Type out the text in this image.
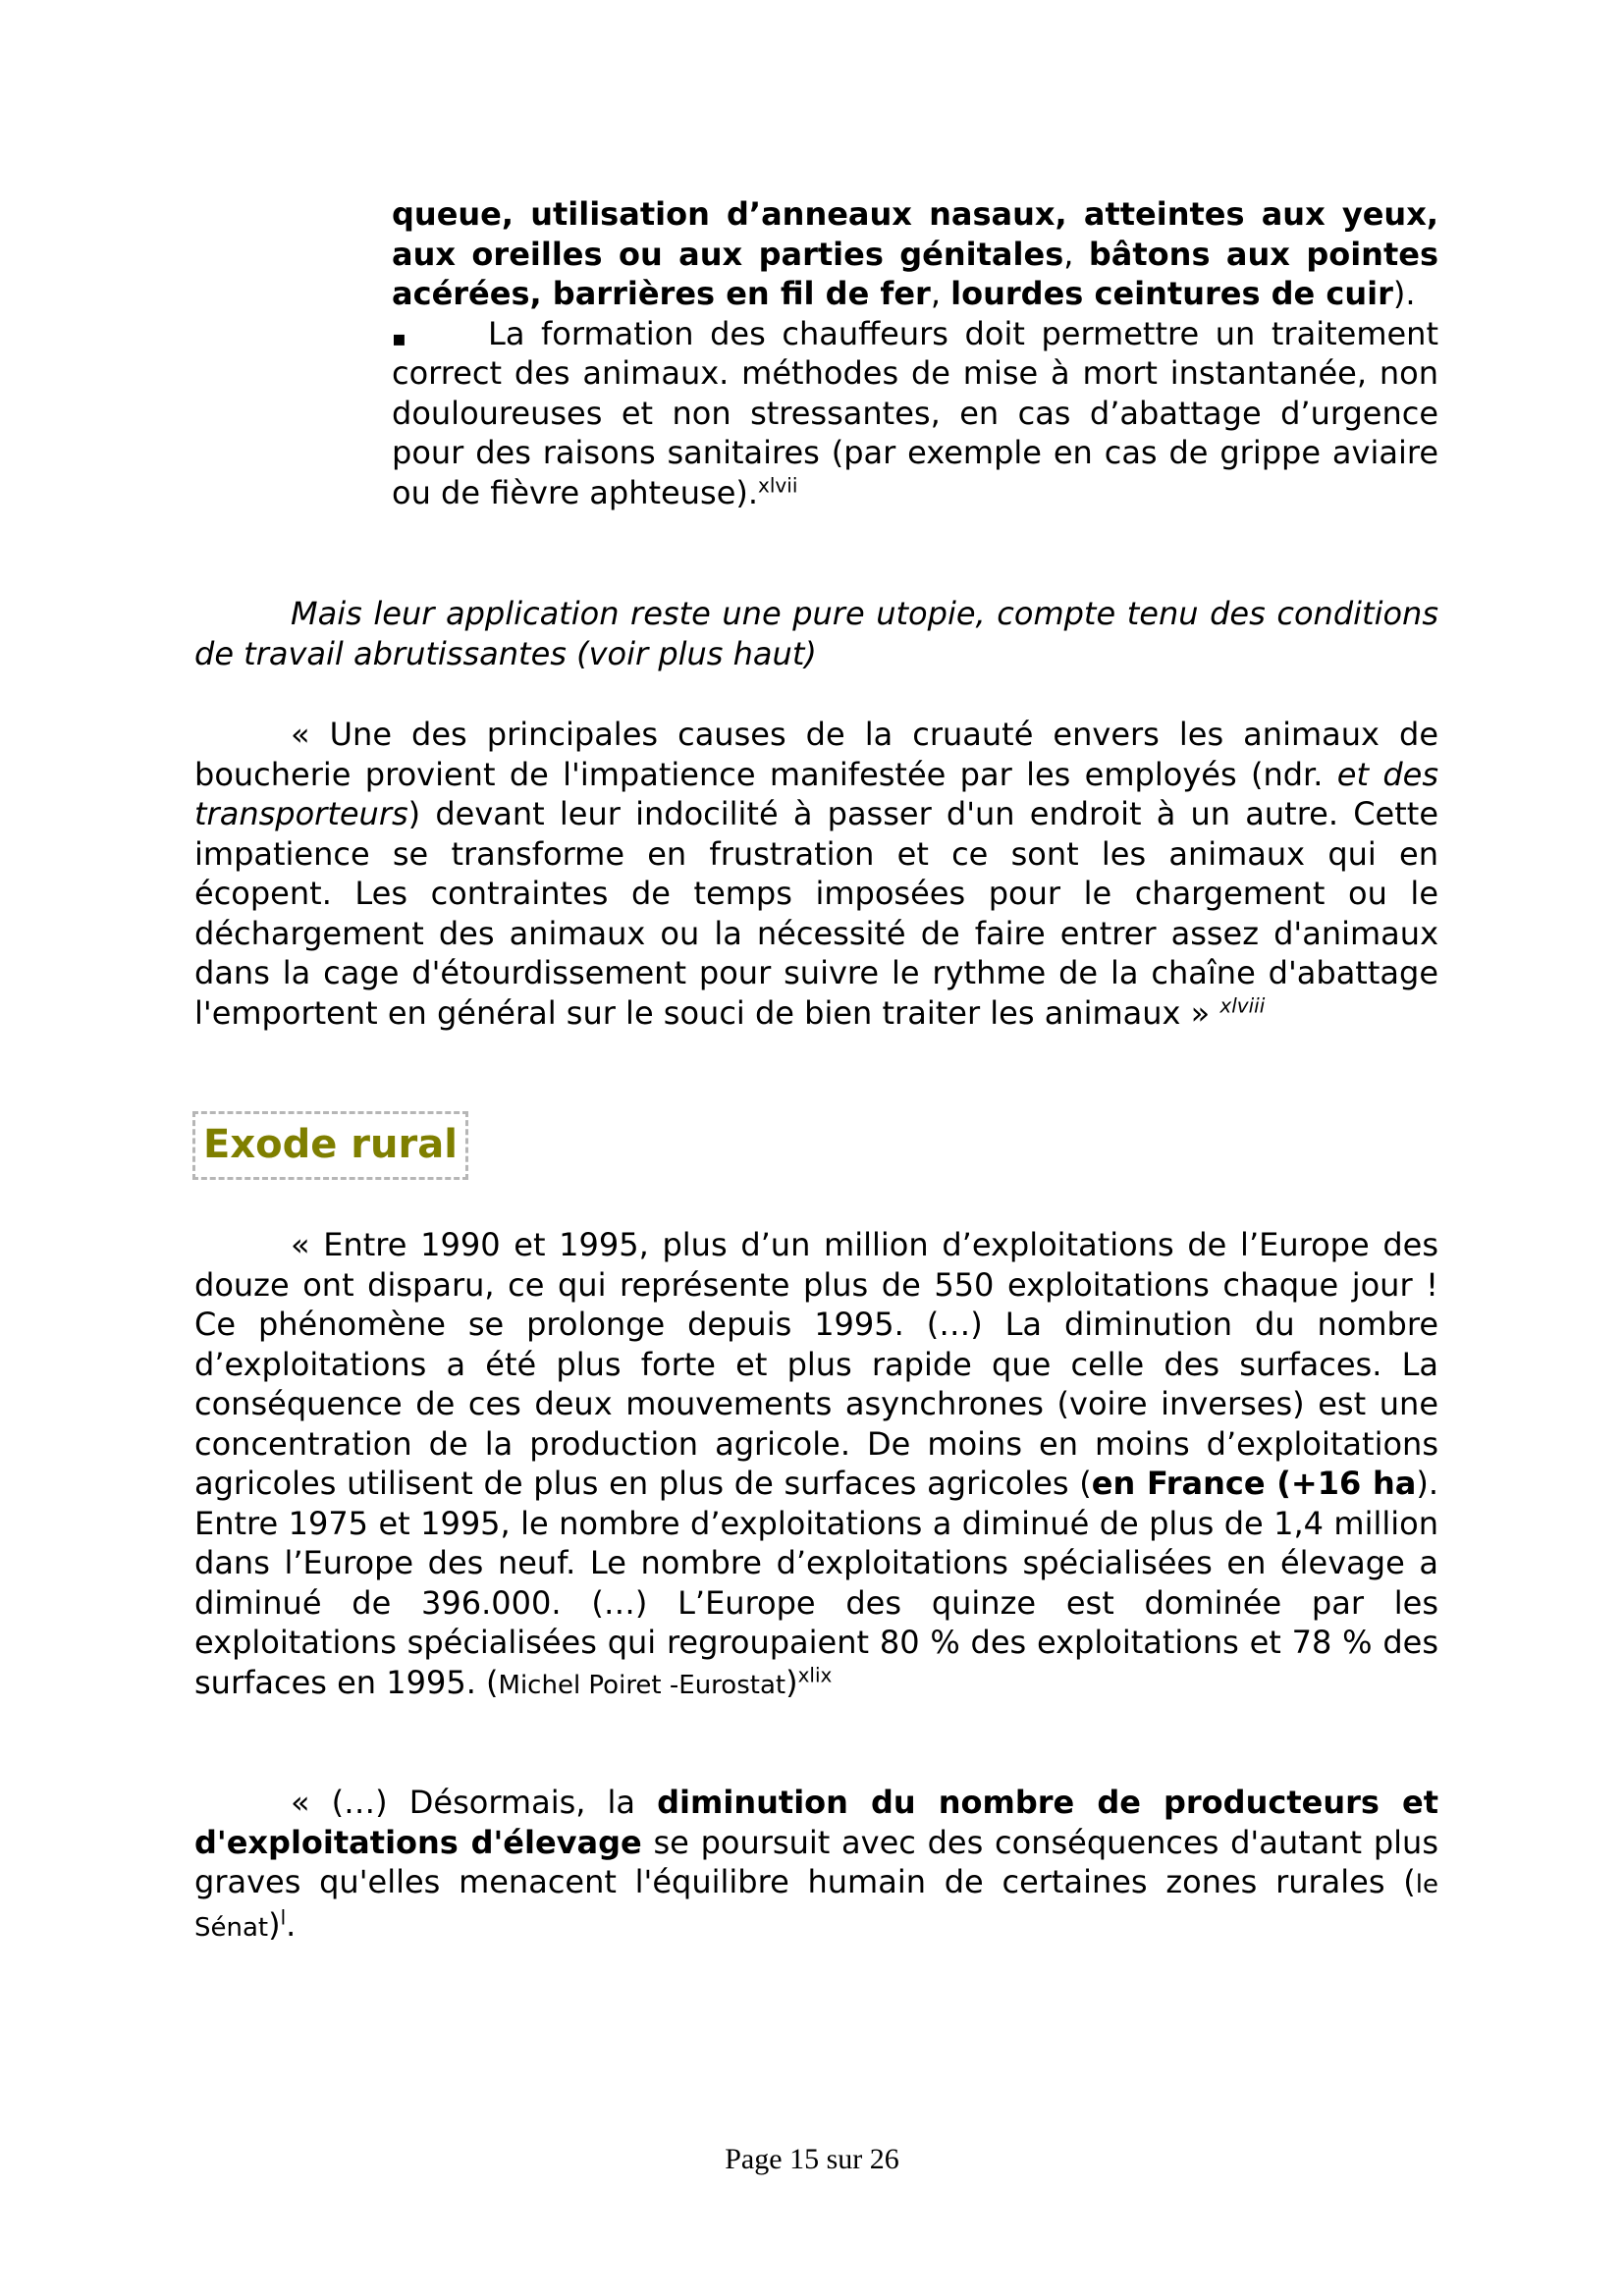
queue, utilisation d’anneaux nasaux, atteintes aux yeux, aux oreilles ou aux parties génitales, bâtons aux pointes acérées, barrières en fil de fer, lourdes ceintures de cuir).
▪	La formation des chauffeurs doit permettre un traitement correct des animaux. méthodes de mise à mort instantanée, non douloureuses et non stressantes, en cas d’abattage d’urgence pour des raisons sanitaires (par exemple en cas de grippe aviaire ou de fièvre aphteuse).$^{xlvii}$

Mais leur application reste une pure utopie, compte tenu des conditions de travail abrutissantes (voir plus haut)

« Une des principales causes de la cruauté envers les animaux de boucherie provient de l'impatience manifestée par les employés (ndr. et des transporteurs) devant leur indocilité à passer d'un endroit à un autre. Cette impatience se transforme en frustration et ce sont les animaux qui en écopent. Les contraintes de temps imposées pour le chargement ou le déchargement des animaux ou la nécessité de faire entrer assez d'animaux dans la cage d'étourdissement pour suivre le rythme de la chaîne d'abattage l'emportent en général sur le souci de bien traiter les animaux » $^{xlviii}$

Exode rural

« Entre 1990 et 1995, plus d’un million d’exploitations de l’Europe des douze ont disparu, ce qui représente plus de 550 exploitations chaque jour ! Ce phénomène se prolonge depuis 1995. (…) La diminution du nombre d’exploitations a été plus forte et plus rapide que celle des surfaces. La conséquence de ces deux mouvements asynchrones (voire inverses) est une concentration de la production agricole. De moins en moins d’exploitations agricoles utilisent de plus en plus de surfaces agricoles (en France (+16 ha). Entre 1975 et 1995, le nombre d’exploitations a diminué de plus de 1,4 million dans l’Europe des neuf. Le nombre d’exploitations spécialisées en élevage a diminué de 396.000. (…) L’Europe des quinze est dominée par les exploitations spécialisées qui regroupaient 80 % des exploitations et 78 % des surfaces en 1995. (Michel Poiret -Eurostat)$^{xlix}$

« (…) Désormais, la diminution du nombre de producteurs et d'exploitations d'élevage se poursuit avec des conséquences d'autant plus graves qu'elles menacent l'équilibre humain de certaines zones rurales (le Sénat)$^l$.

Page 15 sur 26
